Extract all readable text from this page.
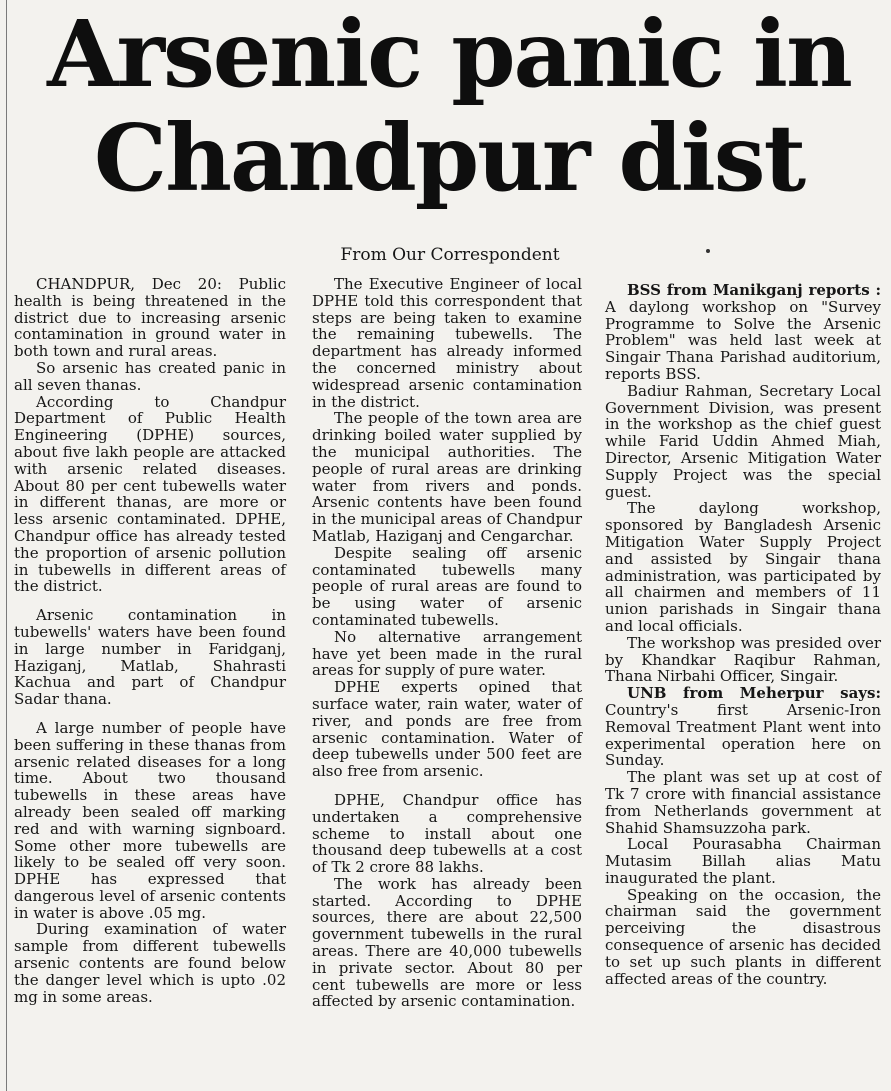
Arsenic panic in
Chandpur dist
From Our Correspondent

CHANDPUR, Dec 20: Public health is being threatened in the district due to increasing arsenic contamination in ground water in both town and rural areas.

So arsenic has created panic in all seven thanas.

According to Chandpur Department of Public Health Engineering (DPHE) sources, about five lakh people are attacked with arsenic related diseases. About 80 per cent tubewells water in different thanas, are more or less arsenic contaminated. DPHE, Chandpur office has already tested the proportion of arsenic pollution in tubewells in different areas of the district.

Arsenic contamination in tubewells' waters have been found in large number in Faridganj, Haziganj, Matlab, Shahrasti Kachua and part of Chandpur Sadar thana.

A large number of people have been suffering in these thanas from arsenic related diseases for a long time. About two thousand tubewells in these areas have already been sealed off marking red and with warning signboard. Some other more tubewells are likely to be sealed off very soon. DPHE has expressed that dangerous level of arsenic contents in water is above .05 mg.

During examination of water sample from different tubewells arsenic contents are found below the danger level which is upto .02 mg in some areas.

The Executive Engineer of local DPHE told this correspondent that steps are being taken to examine the remaining tubewells. The department has already informed the concerned ministry about widespread arsenic contamination in the district.

The people of the town area are drinking boiled water supplied by the municipal authorities. The people of rural areas are drinking water from rivers and ponds. Arsenic contents have been found in the municipal areas of Chandpur Matlab, Haziganj and Cengarchar.

Despite sealing off arsenic contaminated tubewells many people of rural areas are found to be using water of arsenic contaminated tubewells.

No alternative arrangement have yet been made in the rural areas for supply of pure water.

DPHE experts opined that surface water, rain water, water of river, and ponds are free from arsenic contamination. Water of deep tubewells under 500 feet are also free from arsenic.

DPHE, Chandpur office has undertaken a comprehensive scheme to install about one thousand deep tubewells at a cost of Tk 2 crore 88 lakhs.

The work has already been started. According to DPHE sources, there are about 22,500 government tubewells in the rural areas. There are 40,000 tubewells in private sector. About 80 per cent tubewells are more or less affected by arsenic contamination.

BSS from Manikganj reports : A daylong workshop on "Survey Programme to Solve the Arsenic Problem" was held last week at Singair Thana Parishad auditorium, reports BSS.

Badiur Rahman, Secretary Local Government Division, was present in the workshop as the chief guest while Farid Uddin Ahmed Miah, Director, Arsenic Mitigation Water Supply Project was the special guest.

The daylong workshop, sponsored by Bangladesh Arsenic Mitigation Water Supply Project and assisted by Singair thana administration, was participated by all chairmen and members of 11 union parishads in Singair thana and local officials.

The workshop was presided over by Khandkar Raqibur Rahman, Thana Nirbahi Officer, Singair.

UNB from Meherpur says: Country's first Arsenic-Iron Removal Treatment Plant went into experimental operation here on Sunday.

The plant was set up at cost of Tk 7 crore with financial assistance from Netherlands government at Shahid Shamsuzzoha park.

Local Pourasabha Chairman Mutasim Billah alias Matu inaugurated the plant.

Speaking on the occasion, the chairman said the government perceiving the disastrous consequence of arsenic has decided to set up such plants in different affected areas of the country.
